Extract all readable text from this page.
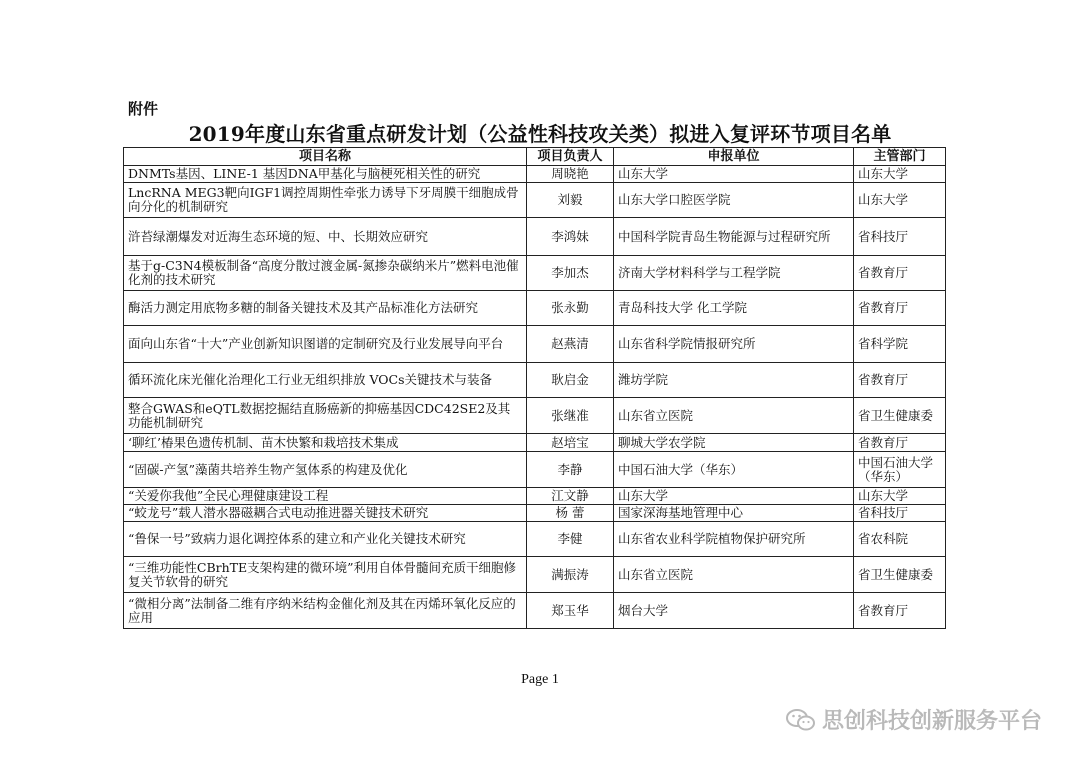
附件
2019年度山东省重点研发计划（公益性科技攻关类）拟进入复评环节项目名单
项目名称	项目负责人	申报单位	主管部门
DNMTs基因、LINE-1 基因DNA甲基化与脑梗死相关性的研究	周晓艳	山东大学	山东大学
LncRNA MEG3靶向IGF1调控周期性牵张力诱导下牙周膜干细胞成骨向分化的机制研究	刘毅	山东大学口腔医学院	山东大学
浒苔绿潮爆发对近海生态环境的短、中、长期效应研究	李鸿妹	中国科学院青岛生物能源与过程研究所	省科技厅
基于g-C3N4模板制备“高度分散过渡金属-氮掺杂碳纳米片”燃料电池催化剂的技术研究	李加杰	济南大学材料科学与工程学院	省教育厅
酶活力测定用底物多糖的制备关键技术及其产品标准化方法研究	张永勤	青岛科技大学 化工学院	省教育厅
面向山东省“十大”产业创新知识图谱的定制研究及行业发展导向平台	赵燕清	山东省科学院情报研究所	省科学院
循环流化床光催化治理化工行业无组织排放 VOCs关键技术与装备	耿启金	潍坊学院	省教育厅
整合GWAS和eQTL数据挖掘结直肠癌新的抑癌基因CDC42SE2及其功能机制研究	张继准	山东省立医院	省卫生健康委
‘聊红’椿果色遗传机制、苗木快繁和栽培技术集成	赵培宝	聊城大学农学院	省教育厅
“固碳-产氢”藻菌共培养生物产氢体系的构建及优化	李静	中国石油大学（华东）	中国石油大学（华东）
“关爱你我他”全民心理健康建设工程	江文静	山东大学	山东大学
“蛟龙号”载人潜水器磁耦合式电动推进器关键技术研究	杨 蕾	国家深海基地管理中心	省科技厅
“鲁保一号”致病力退化调控体系的建立和产业化关键技术研究	李健	山东省农业科学院植物保护研究所	省农科院
“三维功能性CBrhTE支架构建的微环境”利用自体骨髓间充质干细胞修复关节软骨的研究	满振涛	山东省立医院	省卫生健康委
“微相分离”法制备二维有序纳米结构金催化剂及其在丙烯环氧化反应的应用	郑玉华	烟台大学	省教育厅
Page 1
思创科技创新服务平台
